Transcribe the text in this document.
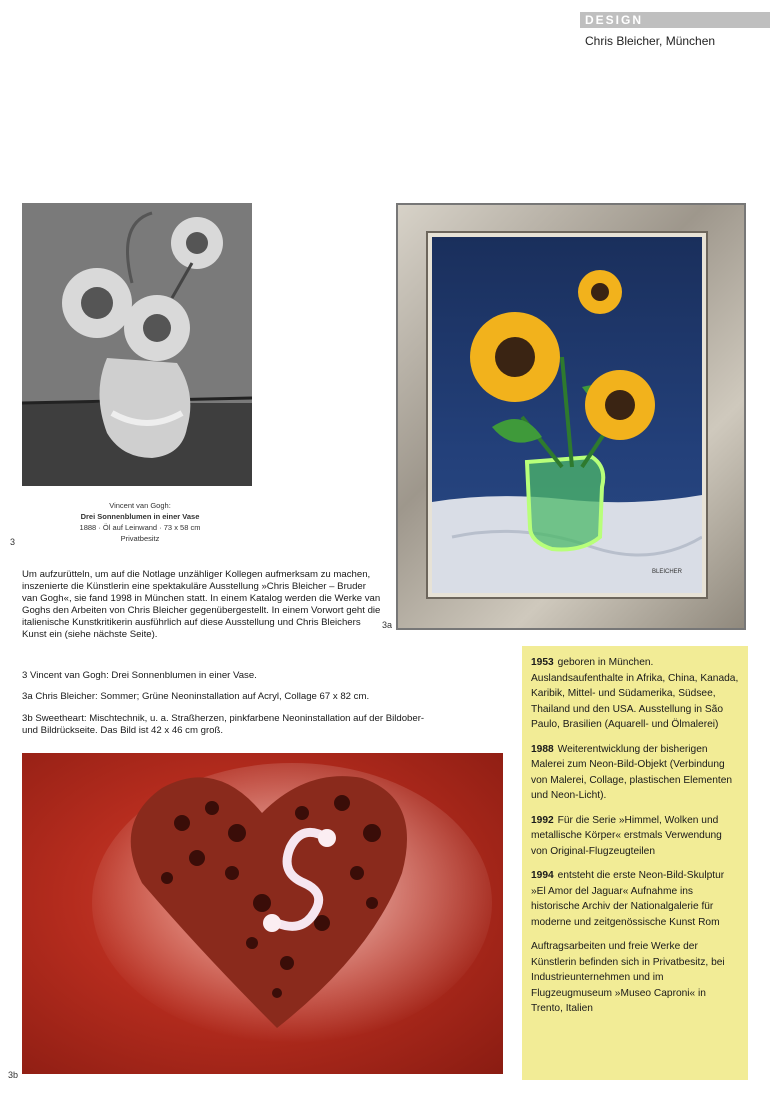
DESIGN
Chris Bleicher, München
Vincent van Gogh:
Drei Sonnenblumen in einer Vase
1888 · Öl auf Leinwand · 73 x 58 cm
Privatbesitz
3
BLEICHER
3a
Um aufzurütteln, um auf die Notlage unzähliger Kollegen aufmerksam zu machen, inszenierte die Künstlerin eine spektakuläre Ausstellung »Chris Bleicher – Bruder van Gogh«, sie fand 1998 in München statt. In einem Katalog werden die Werke van Goghs den Arbeiten von Chris Bleicher gegenübergestellt. In einem Vorwort geht die italienische Kunstkritikerin ausführlich auf diese Ausstellung und Chris Bleichers Kunst ein (siehe nächste Seite).
3 Vincent van Gogh: Drei Sonnenblumen in einer Vase.
3a Chris Bleicher: Sommer; Grüne Neoninstallation auf Acryl, Collage 67 x 82 cm.
3b Sweetheart: Mischtechnik, u. a. Straßherzen, pinkfarbene Neoninstallation auf der Bildober- und Bildrückseite. Das Bild ist 42 x 46 cm groß.
3b

1953 geboren in München. Auslandsaufenthalte in Afrika, China, Kanada, Karibik, Mittel- und Südamerika, Südsee, Thailand und den USA. Ausstellung in São Paulo, Brasilien (Aquarell- und Ölmalerei)

1988 Weiterentwicklung der bisherigen Malerei zum Neon-Bild-Objekt (Verbindung von Malerei, Collage, plastischen Elementen und Neon-Licht).

1992 Für die Serie »Himmel, Wolken und metallische Körper« erstmals Verwendung von Original-Flugzeugteilen

1994 entsteht die erste Neon-Bild-Skulptur »El Amor del Jaguar« Aufnahme ins historische Archiv der Nationalgalerie für moderne und zeitgenössische Kunst Rom

Auftragsarbeiten und freie Werke der Künstlerin befinden sich in Privatbesitz, bei Industrieunternehmen und im Flugzeugmuseum »Museo Caproni« in Trento, Italien
